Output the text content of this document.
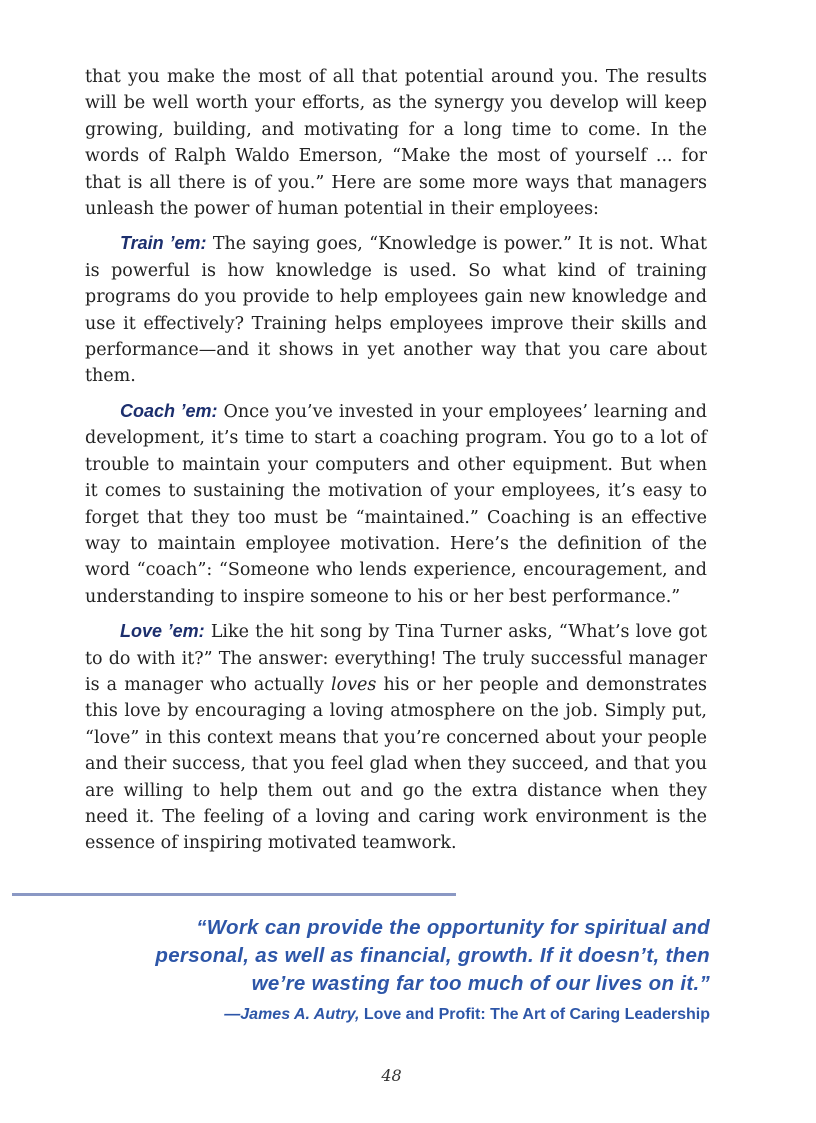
that you make the most of all that potential around you. The results will be well worth your efforts, as the synergy you develop will keep growing, building, and motivating for a long time to come. In the words of Ralph Waldo Emerson, “Make the most of yourself ... for that is all there is of you.” Here are some more ways that managers unleash the power of human potential in their employees:

Train ’em: The saying goes, “Knowledge is power.” It is not. What is powerful is how knowledge is used. So what kind of training programs do you provide to help employees gain new knowledge and use it effectively? Training helps employees improve their skills and performance—and it shows in yet another way that you care about them.

Coach ’em: Once you’ve invested in your employees’ learning and development, it’s time to start a coaching program. You go to a lot of trouble to maintain your computers and other equipment. But when it comes to sustaining the motivation of your employees, it’s easy to forget that they too must be “maintained.” Coaching is an effective way to maintain employee motivation. Here’s the definition of the word “coach”: “Someone who lends experience, encouragement, and understanding to inspire someone to his or her best performance.”

Love ’em: Like the hit song by Tina Turner asks, “What’s love got to do with it?” The answer: everything! The truly successful manager is a manager who actually loves his or her people and demonstrates this love by encouraging a loving atmosphere on the job. Simply put, “love” in this context means that you’re concerned about your people and their success, that you feel glad when they succeed, and that you are willing to help them out and go the extra distance when they need it. The feeling of a loving and caring work environment is the essence of inspiring motivated teamwork.

“Work can provide the opportunity for spiritual and personal, as well as financial, growth. If it doesn’t, then we’re wasting far too much of our lives on it.”
—James A. Autry, Love and Profit: The Art of Caring Leadership
48
